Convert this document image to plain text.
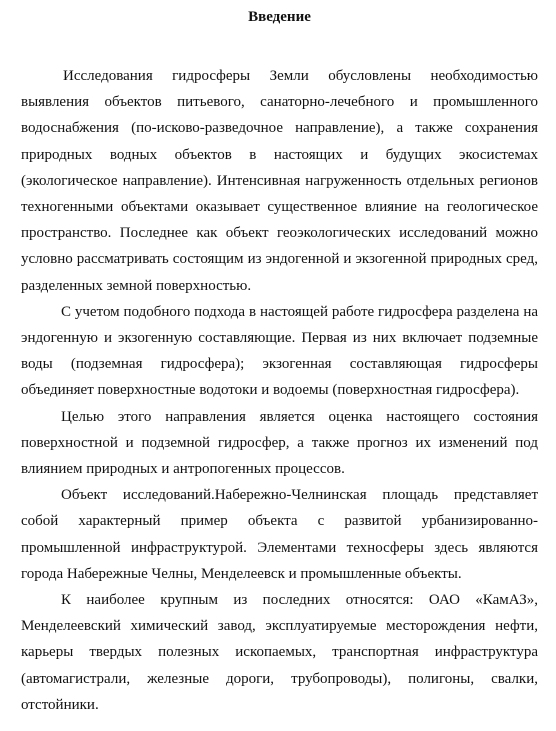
Введение

Исследования гидросферы Земли обусловлены необходимостью выявления объектов питьевого, санаторно-лечебного и промышленного водоснабжения (по-исково-разведочное направление), а также сохранения природных водных объектов в настоящих и будущих экосистемах (экологическое направление). Интенсивная нагруженность отдельных регионов техногенными объектами оказывает существенное влияние на геологическое пространство. Последнее как объект геоэкологических исследований можно условно рассматривать состоящим из эндогенной и экзогенной природных сред, разделенных земной поверхностью.

С учетом подобного подхода в настоящей работе гидросфера разделена на эндогенную и экзогенную составляющие. Первая из них включает подземные воды (подземная гидросфера); экзогенная составляющая гидросферы объединяет поверхностные водотоки и водоемы (поверхностная гидросфера).

Целью этого направления является оценка настоящего состояния поверхностной и подземной гидросфер, а также прогноз их изменений под влиянием природных и антропогенных процессов.

Объект исследований.Набережно-Челнинская площадь представляет собой характерный пример объекта с развитой урбанизированно-промышленной инфраструктурой. Элементами техносферы здесь являются города Набережные Челны, Менделеевск и промышленные объекты.

К наиболее крупным из последних относятся: ОАО «КамАЗ», Менделеевский химический завод, эксплуатируемые месторождения нефти, карьеры твердых полезных ископаемых, транспортная инфраструктура (автомагистрали, железные дороги, трубопроводы), полигоны, свалки, отстойники.
